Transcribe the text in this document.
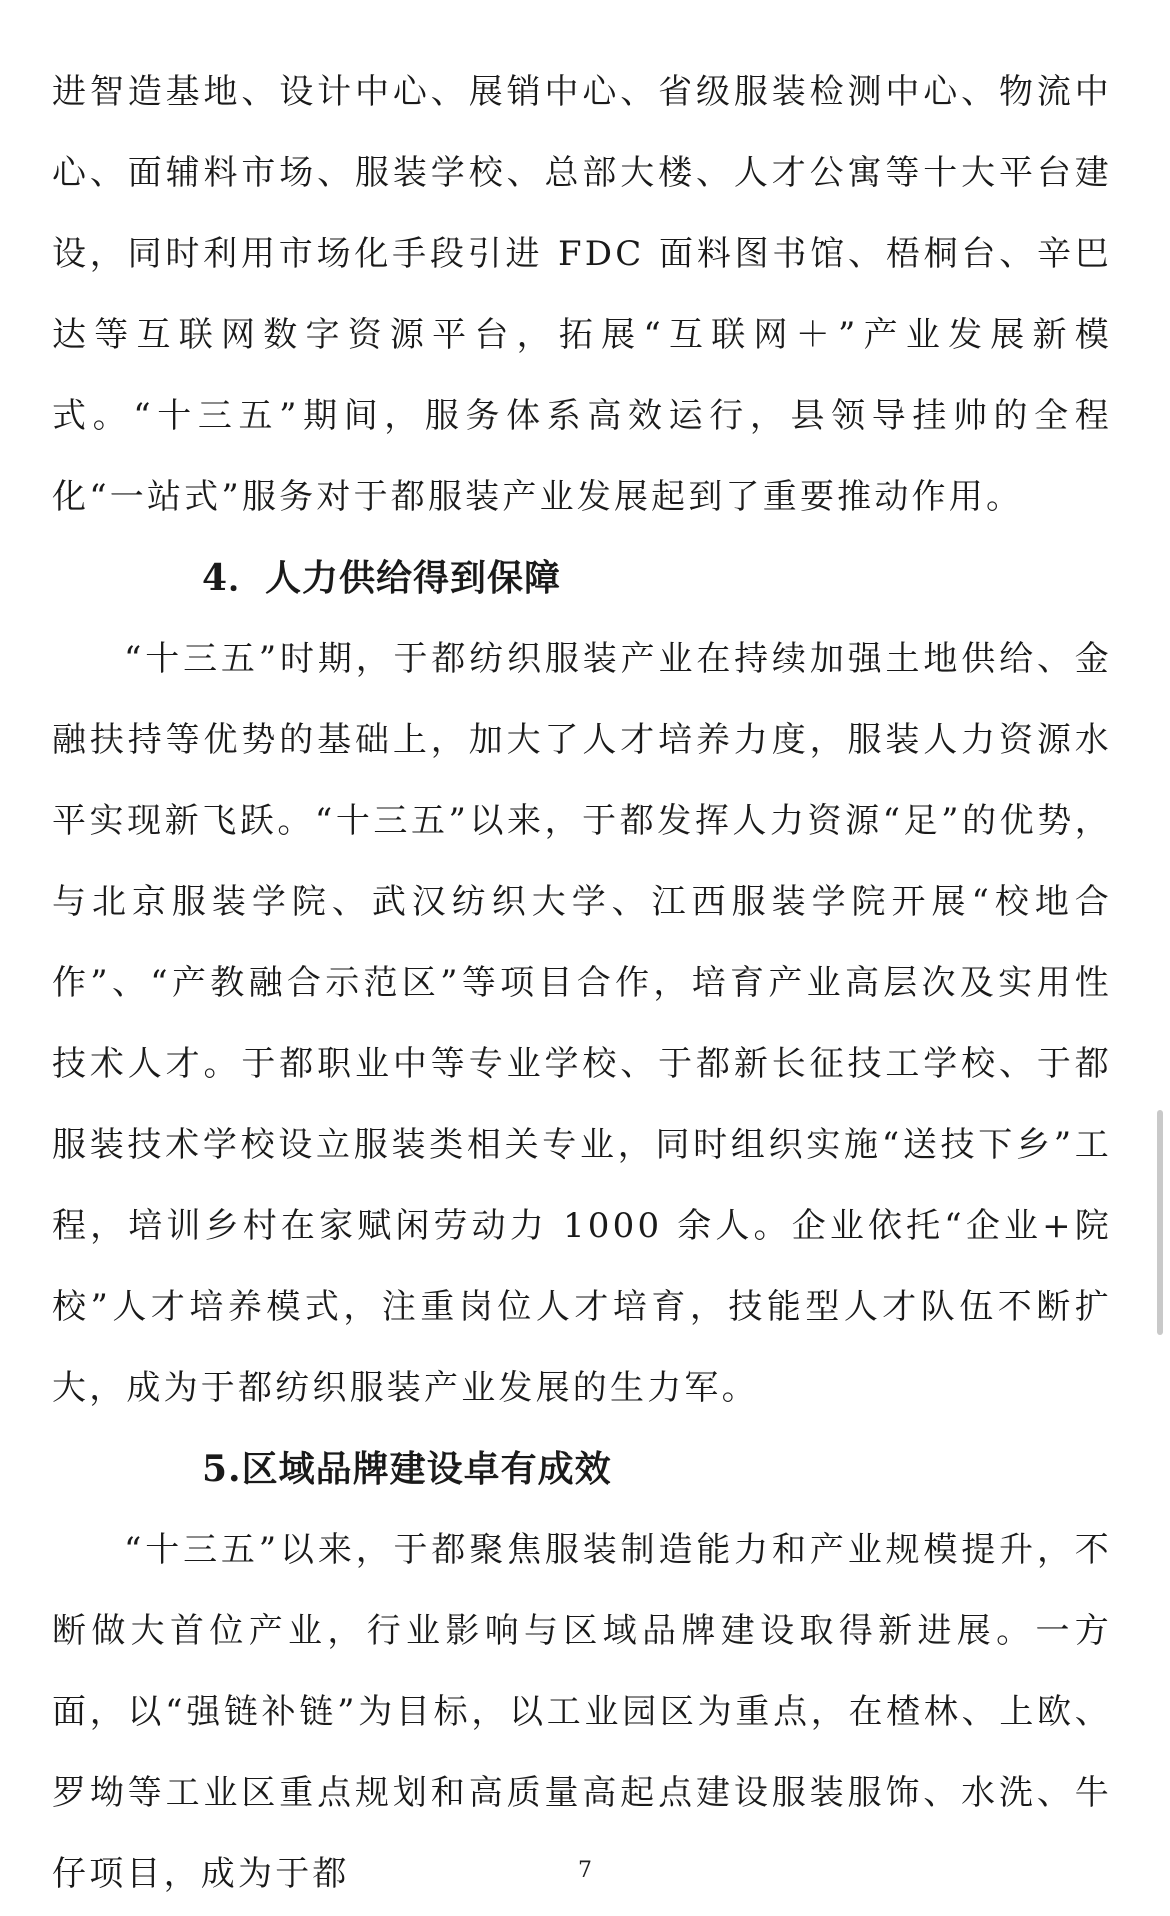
进智造基地、设计中心、展销中心、省级服装检测中心、物流中心、面辅料市场、服装学校、总部大楼、人才公寓等十大平台建设，同时利用市场化手段引进 FDC 面料图书馆、梧桐台、辛巴达等互联网数字资源平台，拓展“互联网＋”产业发展新模式。“十三五”期间，服务体系高效运行，县领导挂帅的全程化“一站式”服务对于都服装产业发展起到了重要推动作用。

4．人力供给得到保障

“十三五”时期，于都纺织服装产业在持续加强土地供给、金融扶持等优势的基础上，加大了人才培养力度，服装人力资源水平实现新飞跃。“十三五”以来，于都发挥人力资源“足”的优势，与北京服装学院、武汉纺织大学、江西服装学院开展“校地合作”、“产教融合示范区”等项目合作，培育产业高层次及实用性技术人才。于都职业中等专业学校、于都新长征技工学校、于都服装技术学校设立服装类相关专业，同时组织实施“送技下乡”工程，培训乡村在家赋闲劳动力 1000 余人。企业依托“企业+院校”人才培养模式，注重岗位人才培育，技能型人才队伍不断扩大，成为于都纺织服装产业发展的生力军。

5.区域品牌建设卓有成效

“十三五”以来，于都聚焦服装制造能力和产业规模提升，不断做大首位产业，行业影响与区域品牌建设取得新进展。一方面，以“强链补链”为目标，以工业园区为重点，在楂林、上欧、罗坳等工业区重点规划和高质量高起点建设服装服饰、水洗、牛仔项目，成为于都	7
